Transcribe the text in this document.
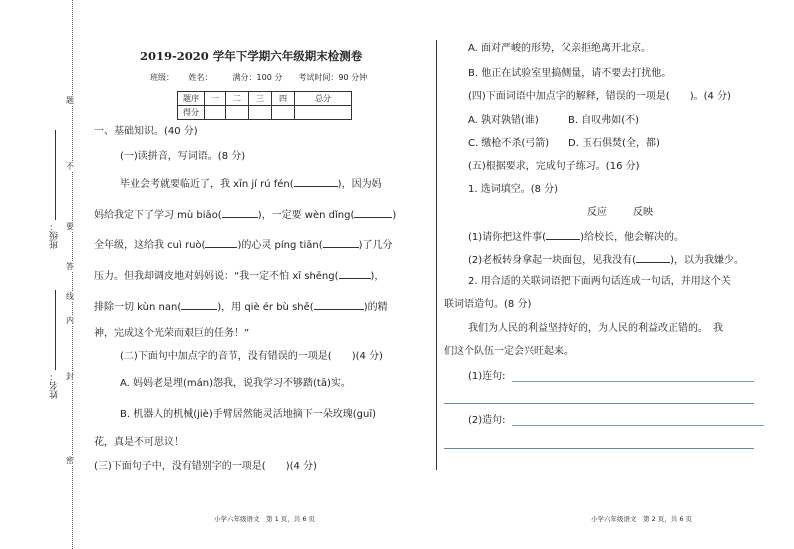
题
不
要
答
线
内
封
密
班级：
姓名：
2019-2020 学年下学期六年级期末检测卷
班级：　　 姓名：　　　满分：100 分　　考试时间：90 分钟
题序	一	二	三	四	总分
得分					
一、基础知识。(40 分)
(一)读拼音，写词语。(8 分)
毕业会考就要临近了，我 xīn jí rú fén(	)，因为妈
妈给我定下了学习 mù biāo(	)，一定要 wèn dǐng(	)
全年级，这给我 cuì ruò(	)的心灵 píng tiān(	)了几分
压力。但我却调皮地对妈妈说：“我一定不怕 xī shēng(	)，
排除一切 kùn nan(	)，用 qiè ér bù shě(	)的精
神，完成这个光荣而艰巨的任务！”
(二)下面句中加点字的音节，没有错误的一项是(　　)(4 分)
A. 妈妈老是埋(mán)怨我，说我学习不够踏(tā)实。
B. 机器人的机械(jiè)手臂居然能灵活地摘下一朵玫瑰(guī)
花，真是不可思议！
(三)下面句子中，没有错别字的一项是(　　)(4 分)
A. 面对严峻的形势，父亲拒绝离开北京。
B. 他正在试验室里搞侧量，请不要去打扰他。
(四)下面词语中加点字的解释，错误的一项是(　　)。(4 分)
A. 孰对孰错(谁)	B. 自叹弗如(不)
C. 缴枪不杀(弓箭) D. 玉石俱焚(全，都)
(五)根据要求，完成句子练习。(16 分)
1. 选词填空。(8 分)
反应	反映
(1)请你把这件事(	)给校长，他会解决的。
(2)老板转身拿起一块面包，见我没有(	)，以为我嫌少。
2. 用合适的关联词语把下面两句话连成一句话，并用这个关
联词语造句。(8 分)
我们为人民的利益坚持好的，为人民的利益改正错的。　我
们这个队伍一定会兴旺起来。
(1)连句:
(2)造句:
小学六年级语文　第 1 页，共 6 页	小学六年级语文　第 2 页，共 6 页
